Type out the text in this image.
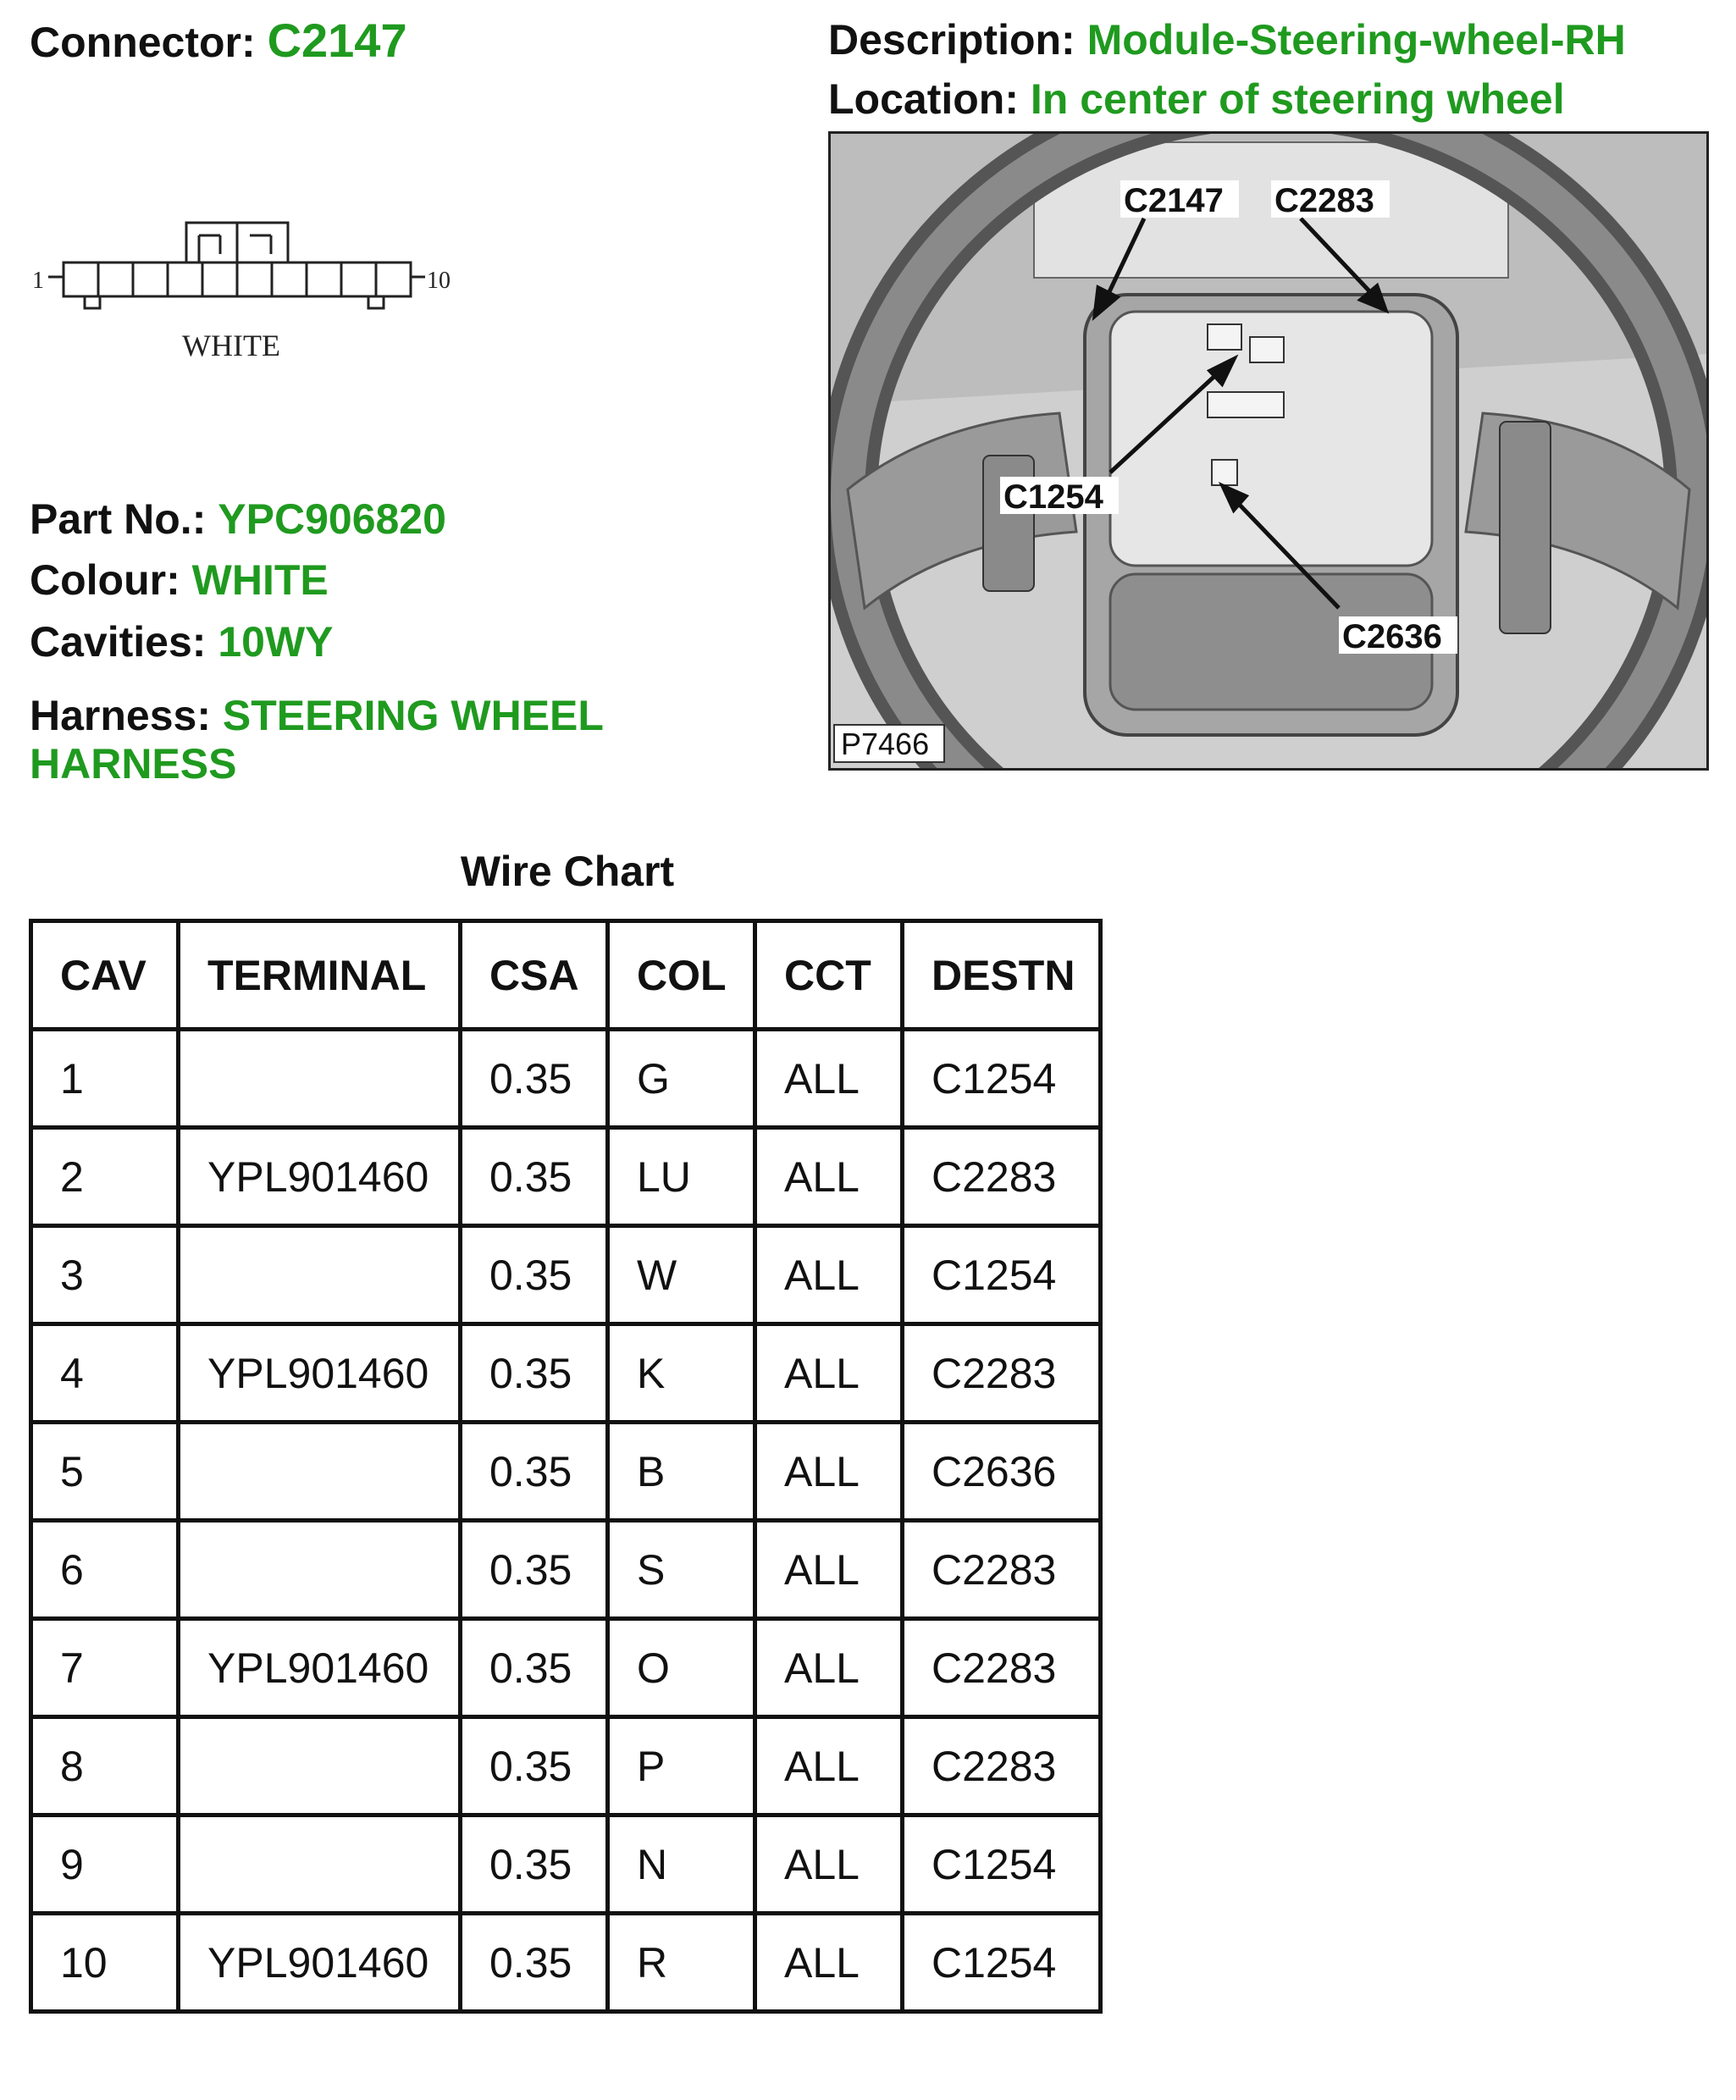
Connector: C2147	Description: Module-Steering-wheel-RH
Location: In center of steering wheel
1	10
WHITE
C2147 C2283
C1254
C2636
P7466
Part No.: YPC906820
Colour: WHITE
Cavities: 10WY
Harness: STEERING WHEEL
HARNESS
Wire Chart
CAV	TERMINAL	CSA	COL	CCT	DESTN
1		0.35	G	ALL	C1254
2	YPL901460	0.35	LU	ALL	C2283
3		0.35	W	ALL	C1254
4	YPL901460	0.35	K	ALL	C2283
5		0.35	B	ALL	C2636
6		0.35	S	ALL	C2283
7	YPL901460	0.35	O	ALL	C2283
8		0.35	P	ALL	C2283
9		0.35	N	ALL	C1254
10	YPL901460	0.35	R	ALL	C1254
